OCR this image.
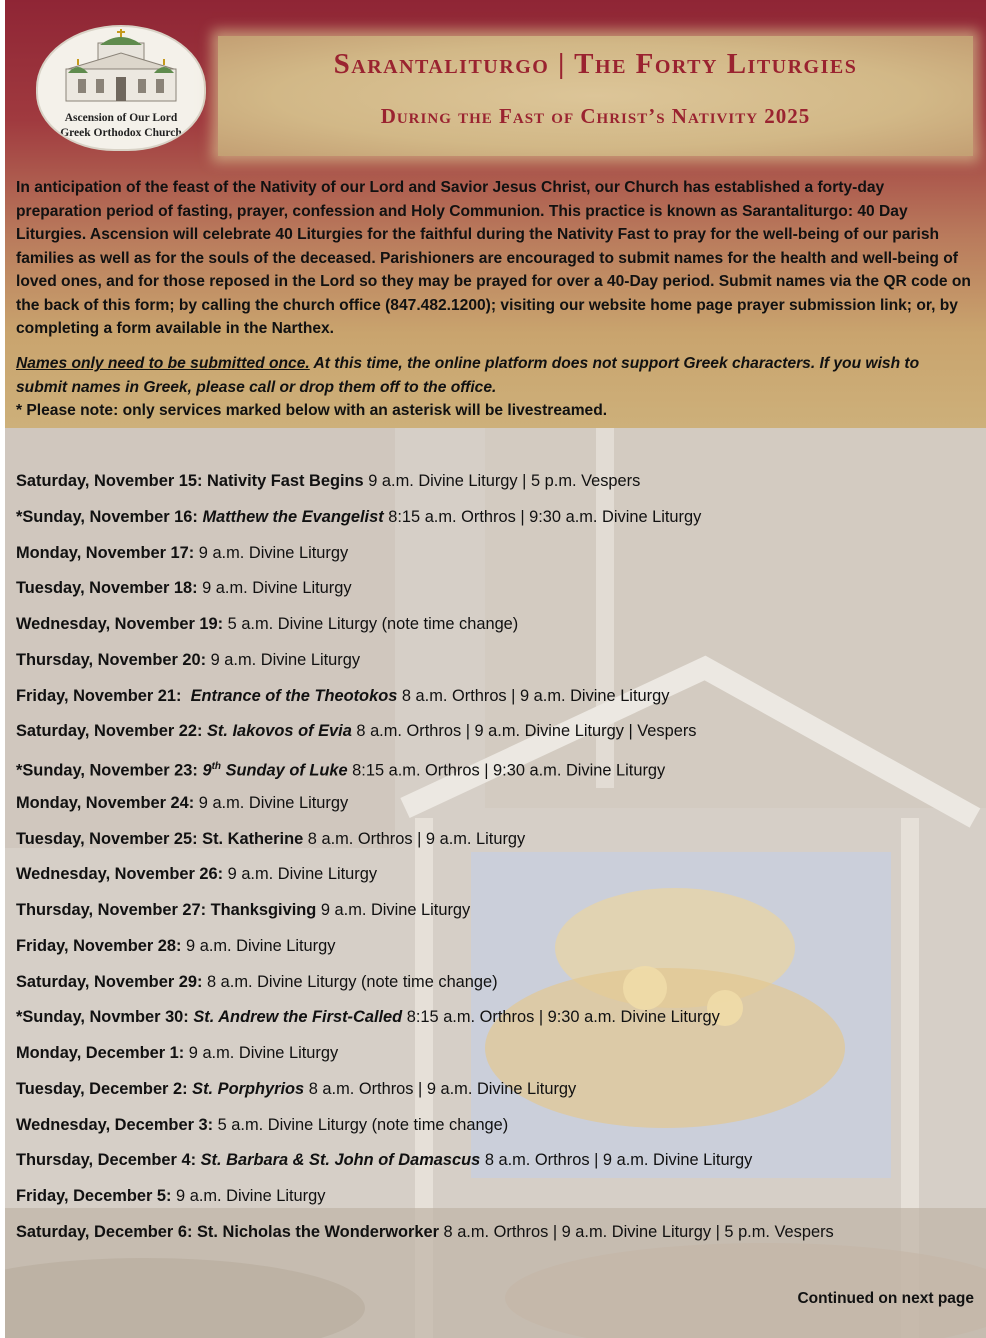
Ascension of Our Lord
Greek Orthodox Church
Sarantaliturgo | The Forty Liturgies
During the Fast of Christ’s Nativity 2025
In anticipation of the feast of the Nativity of our Lord and Savior Jesus Christ, our Church has established a forty-day preparation period of fasting, prayer, confession and Holy Communion. This practice is known as Sarantaliturgo: 40 Day Liturgies. Ascension will celebrate 40 Liturgies for the faithful during the Nativity Fast to pray for the well-being of our parish families as well as for the souls of the deceased. Parishioners are encouraged to submit names for the health and well-being of loved ones, and for those reposed in the Lord so they may be prayed for over a 40-Day period. Submit names via the QR code on the back of this form; by calling the church office (847.482.1200); visiting our website home page prayer submission link; or, by completing a form available in the Narthex.
Names only need to be submitted once. At this time, the online platform does not support Greek characters. If you wish to submit names in Greek, please call or drop them off to the office.
* Please note: only services marked below with an asterisk will be livestreamed.
Saturday, November 15: Nativity Fast Begins 9 a.m. Divine Liturgy | 5 p.m. Vespers
*Sunday, November 16: Matthew the Evangelist 8:15 a.m. Orthros | 9:30 a.m. Divine Liturgy
Monday, November 17: 9 a.m. Divine Liturgy
Tuesday, November 18: 9 a.m. Divine Liturgy
Wednesday, November 19: 5 a.m. Divine Liturgy (note time change)
Thursday, November 20: 9 a.m. Divine Liturgy
Friday, November 21: Entrance of the Theotokos 8 a.m. Orthros | 9 a.m. Divine Liturgy
Saturday, November 22: St. Iakovos of Evia 8 a.m. Orthros | 9 a.m. Divine Liturgy | Vespers
*Sunday, November 23: 9th Sunday of Luke 8:15 a.m. Orthros | 9:30 a.m. Divine Liturgy
Monday, November 24: 9 a.m. Divine Liturgy
Tuesday, November 25: St. Katherine 8 a.m. Orthros | 9 a.m. Liturgy
Wednesday, November 26: 9 a.m. Divine Liturgy
Thursday, November 27: Thanksgiving 9 a.m. Divine Liturgy
Friday, November 28: 9 a.m. Divine Liturgy
Saturday, November 29: 8 a.m. Divine Liturgy (note time change)
*Sunday, Novmber 30: St. Andrew the First-Called 8:15 a.m. Orthros | 9:30 a.m. Divine Liturgy
Monday, December 1: 9 a.m. Divine Liturgy
Tuesday, December 2: St. Porphyrios 8 a.m. Orthros | 9 a.m. Divine Liturgy
Wednesday, December 3: 5 a.m. Divine Liturgy (note time change)
Thursday, December 4: St. Barbara & St. John of Damascus 8 a.m. Orthros | 9 a.m. Divine Liturgy
Friday, December 5: 9 a.m. Divine Liturgy
Saturday, December 6: St. Nicholas the Wonderworker 8 a.m. Orthros | 9 a.m. Divine Liturgy | 5 p.m. Vespers
Continued on next page
